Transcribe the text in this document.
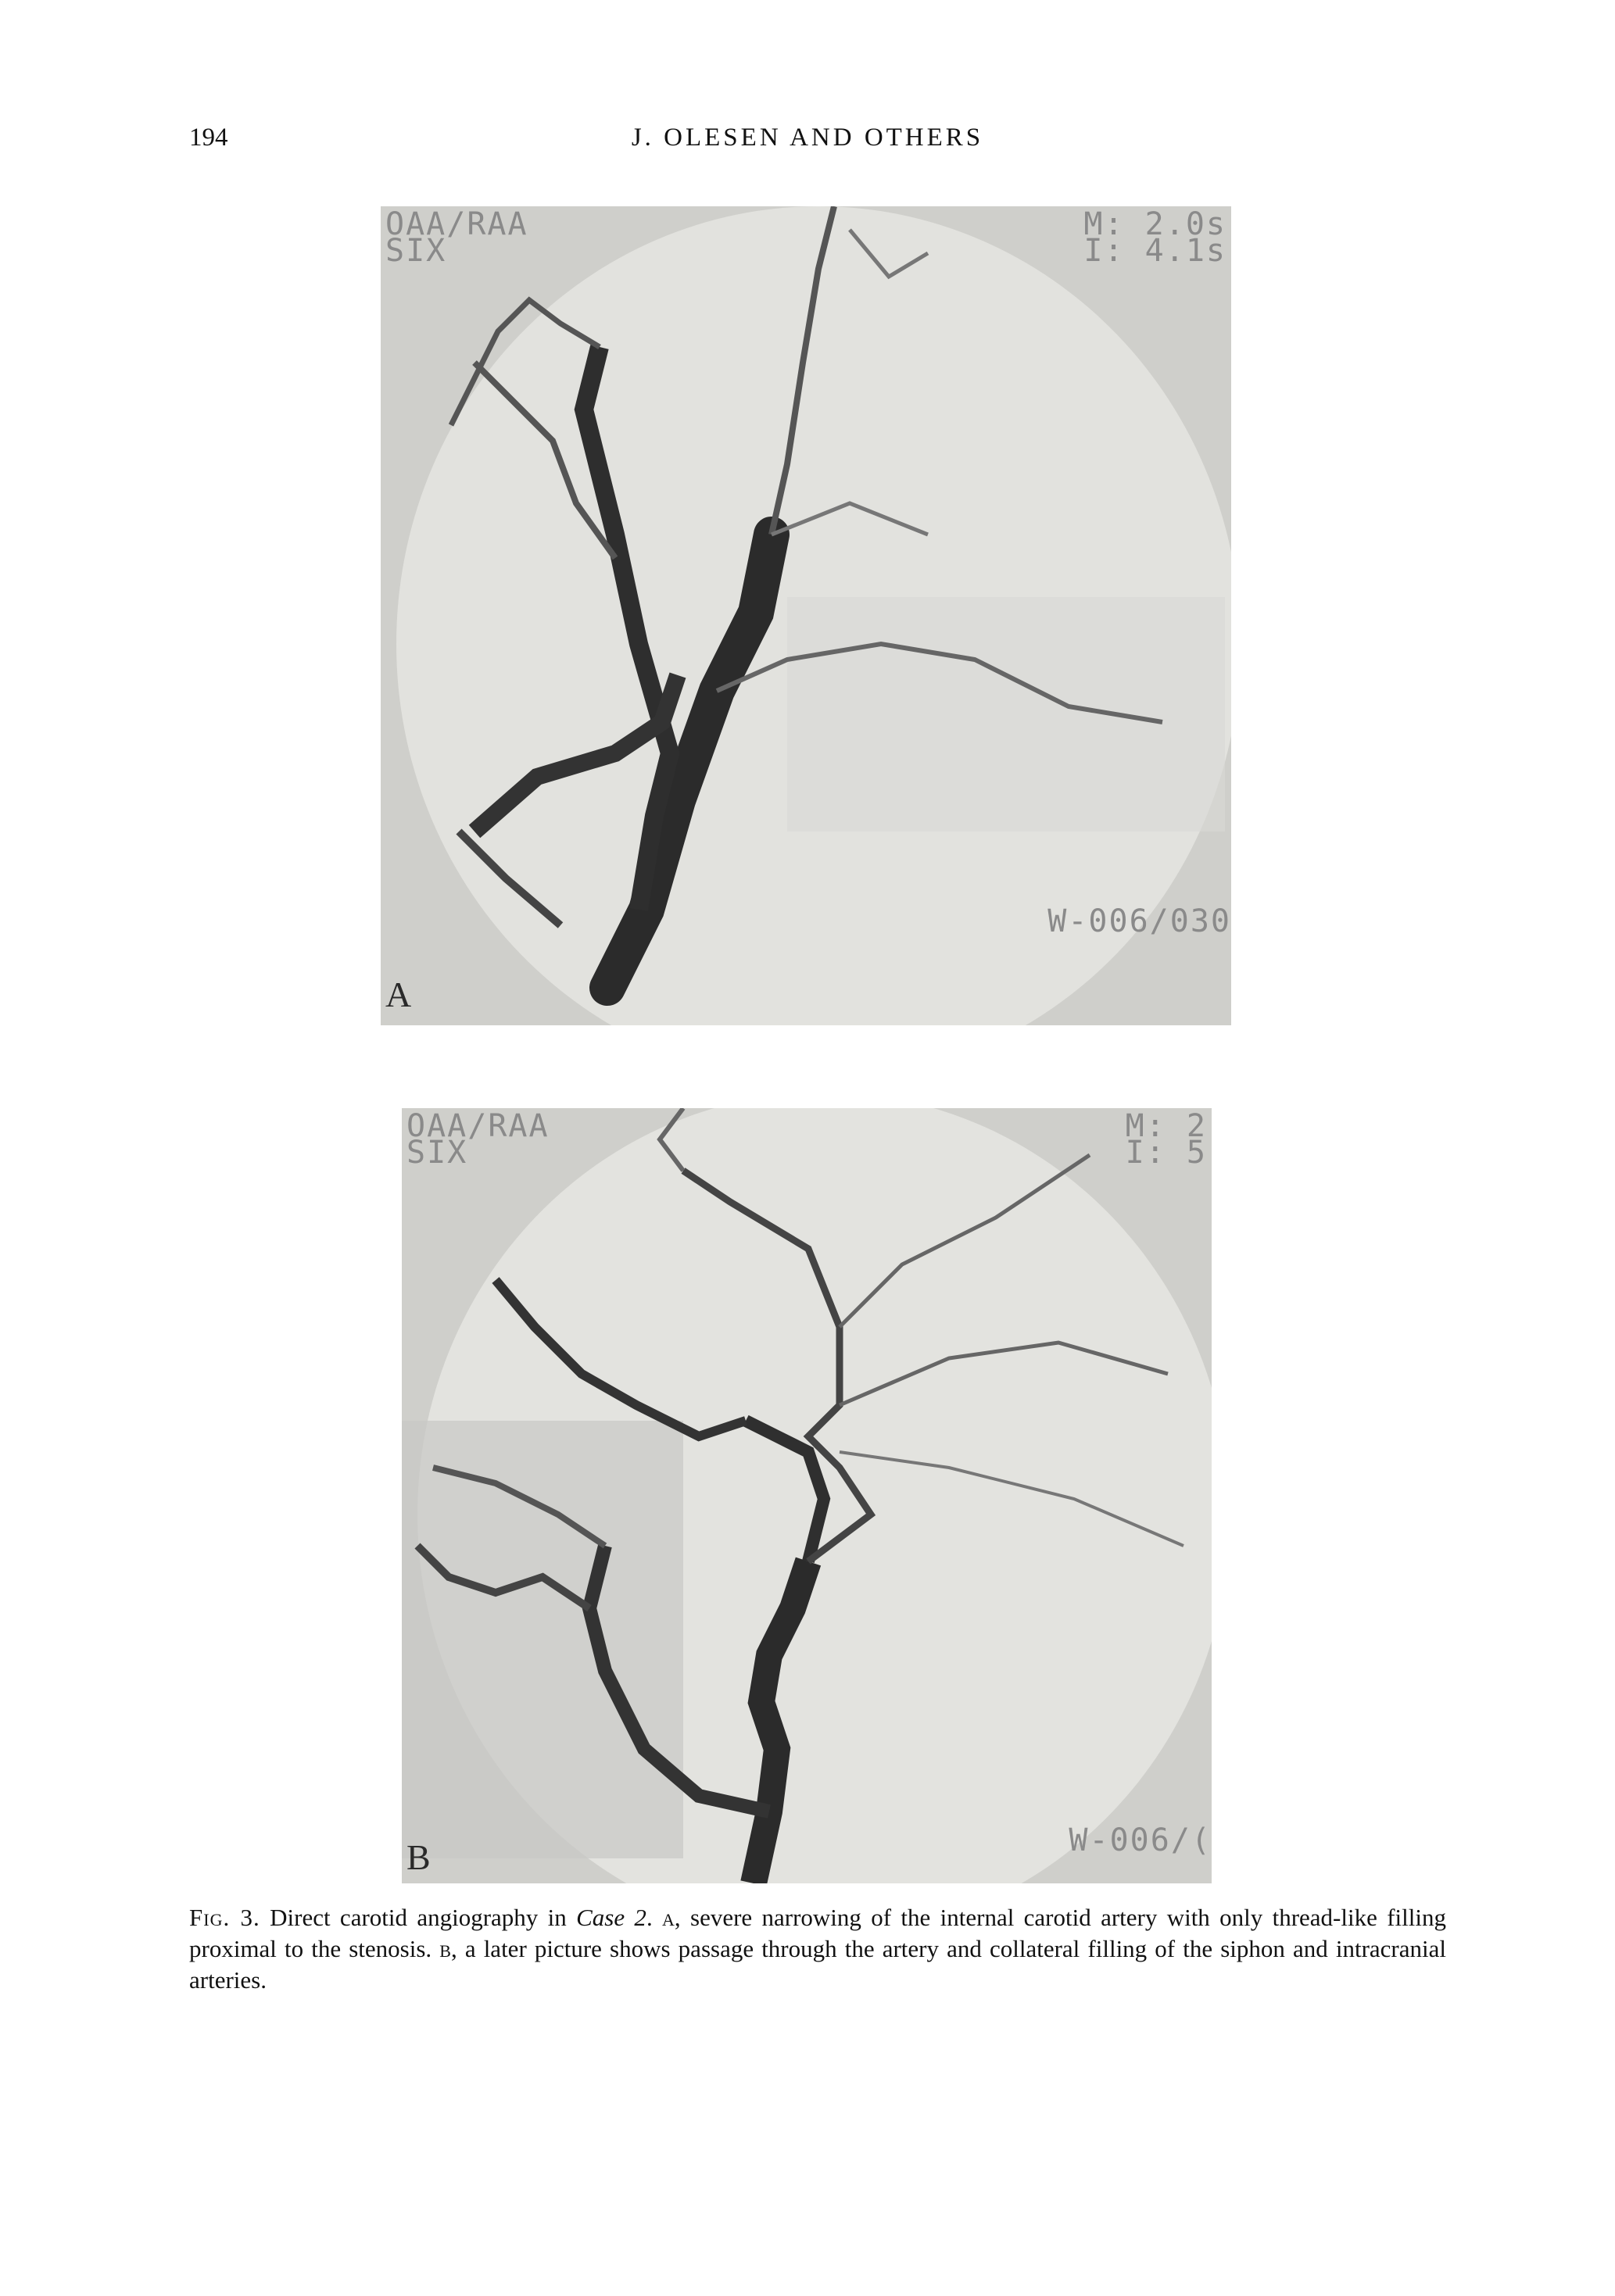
194	J. OLESEN AND OTHERS
OAA/RAA
SIX
M: 2.0s
I: 4.1s
W-006/030
A
OAA/RAA
SIX
M: 2
I: 5
W-006/(
B
Fig. 3. Direct carotid angiography in Case 2. a, severe narrowing of the internal carotid artery with only thread-like filling proximal to the stenosis. b, a later picture shows passage through the artery and collateral filling of the siphon and intracranial arteries.
